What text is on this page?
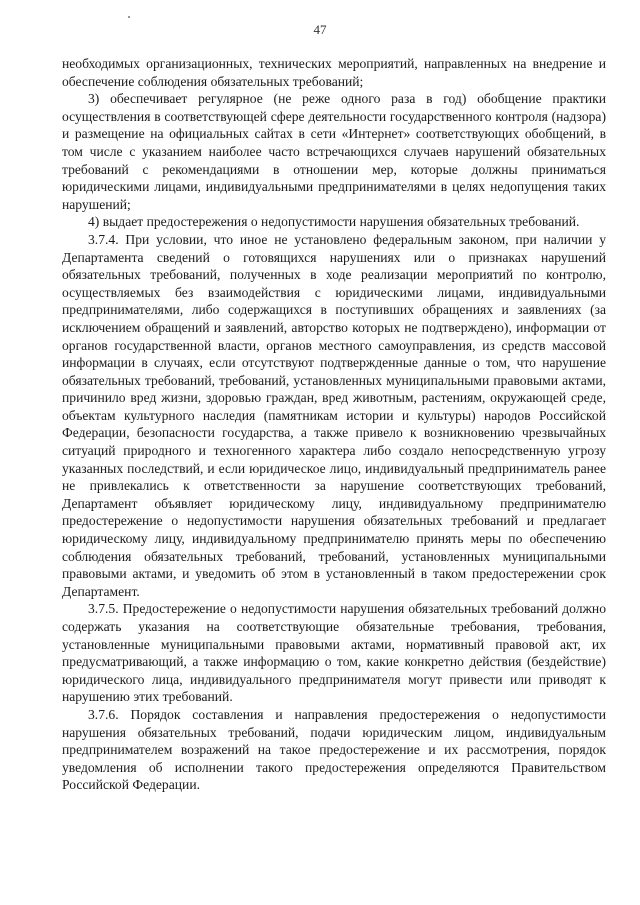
47

необходимых организационных, технических мероприятий, направленных на внедрение и обеспечение соблюдения обязательных требований;

3) обеспечивает регулярное (не реже одного раза в год) обобщение практики осуществления в соответствующей сфере деятельности государственного контроля (надзора) и размещение на официальных сайтах в сети «Интернет» соответствующих обобщений, в том числе с указанием наиболее часто встречающихся случаев нарушений обязательных требований с рекомендациями в отношении мер, которые должны приниматься юридическими лицами, индивидуальными предпринимателями в целях недопущения таких нарушений;

4) выдает предостережения о недопустимости нарушения обязательных требований.

3.7.4. При условии, что иное не установлено федеральным законом, при наличии у Департамента сведений о готовящихся нарушениях или о признаках нарушений обязательных требований, полученных в ходе реализации мероприятий по контролю, осуществляемых без взаимодействия с юридическими лицами, индивидуальными предпринимателями, либо содержащихся в поступивших обращениях и заявлениях (за исключением обращений и заявлений, авторство которых не подтверждено), информации от органов государственной власти, органов местного самоуправления, из средств массовой информации в случаях, если отсутствуют подтвержденные данные о том, что нарушение обязательных требований, требований, установленных муниципальными правовыми актами, причинило вред жизни, здоровью граждан, вред животным, растениям, окружающей среде, объектам культурного наследия (памятникам истории и культуры) народов Российской Федерации, безопасности государства, а также привело к возникновению чрезвычайных ситуаций природного и техногенного характера либо создало непосредственную угрозу указанных последствий, и если юридическое лицо, индивидуальный предприниматель ранее не привлекались к ответственности за нарушение соответствующих требований, Департамент объявляет юридическому лицу, индивидуальному предпринимателю предостережение о недопустимости нарушения обязательных требований и предлагает юридическому лицу, индивидуальному предпринимателю принять меры по обеспечению соблюдения обязательных требований, требований, установленных муниципальными правовыми актами, и уведомить об этом в установленный в таком предостережении срок Департамент.

3.7.5. Предостережение о недопустимости нарушения обязательных требований должно содержать указания на соответствующие обязательные требования, требования, установленные муниципальными правовыми актами, нормативный правовой акт, их предусматривающий, а также информацию о том, какие конкретно действия (бездействие) юридического лица, индивидуального предпринимателя могут привести или приводят к нарушению этих требований.

3.7.6. Порядок составления и направления предостережения о недопустимости нарушения обязательных требований, подачи юридическим лицом, индивидуальным предпринимателем возражений на такое предостережение и их рассмотрения, порядок уведомления об исполнении такого предостережения определяются Правительством Российской Федерации.
